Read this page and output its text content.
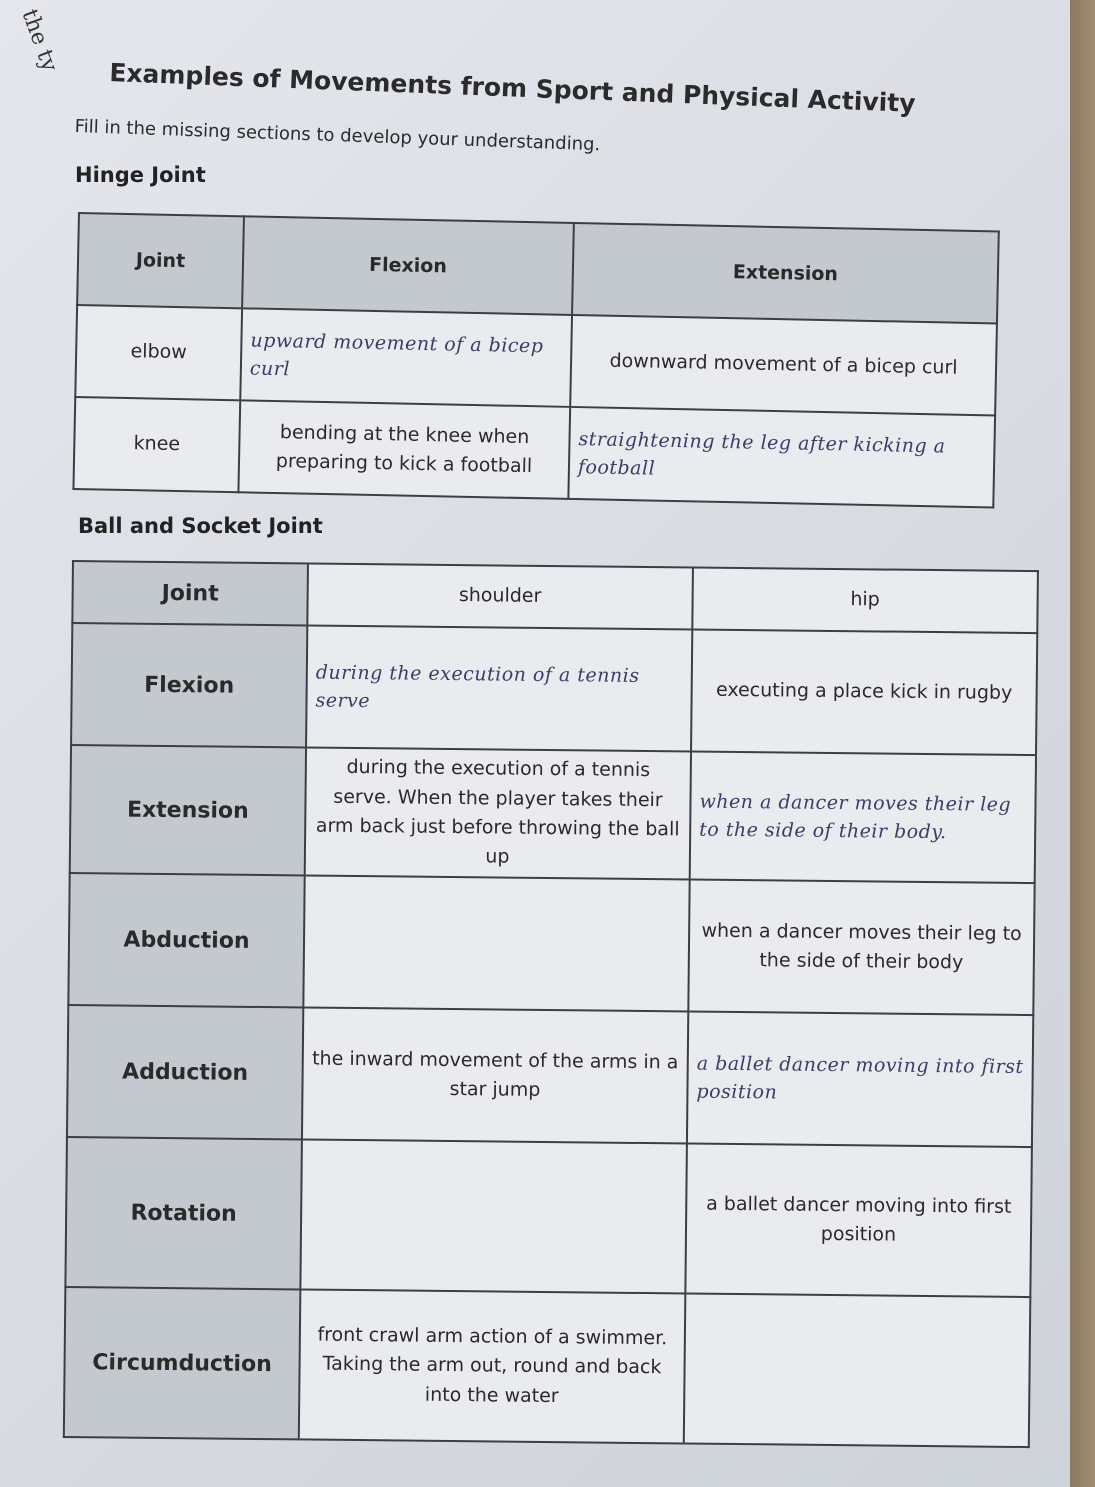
the ty
Examples of Movements from Sport and Physical Activity
Fill in the missing sections to develop your understanding.
Hinge Joint
Joint	Flexion	Extension
elbow	upward movement of a bicep curl	downward movement of a bicep curl
knee	bending at the knee when preparing to kick a football	straightening the leg after kicking a football
Ball and Socket Joint
Joint	shoulder	hip
Flexion	during the execution of a tennis serve	executing a place kick in rugby
Extension	during the execution of a tennis serve. When the player takes their arm back just before throwing the ball up	when a dancer moves their leg to the side of their body.
Abduction		when a dancer moves their leg to the side of their body
Adduction	the inward movement of the arms in a star jump	a ballet dancer moving into first position
Rotation		a ballet dancer moving into first position
Circumduction	front crawl arm action of a swimmer. Taking the arm out, round and back into the water	
